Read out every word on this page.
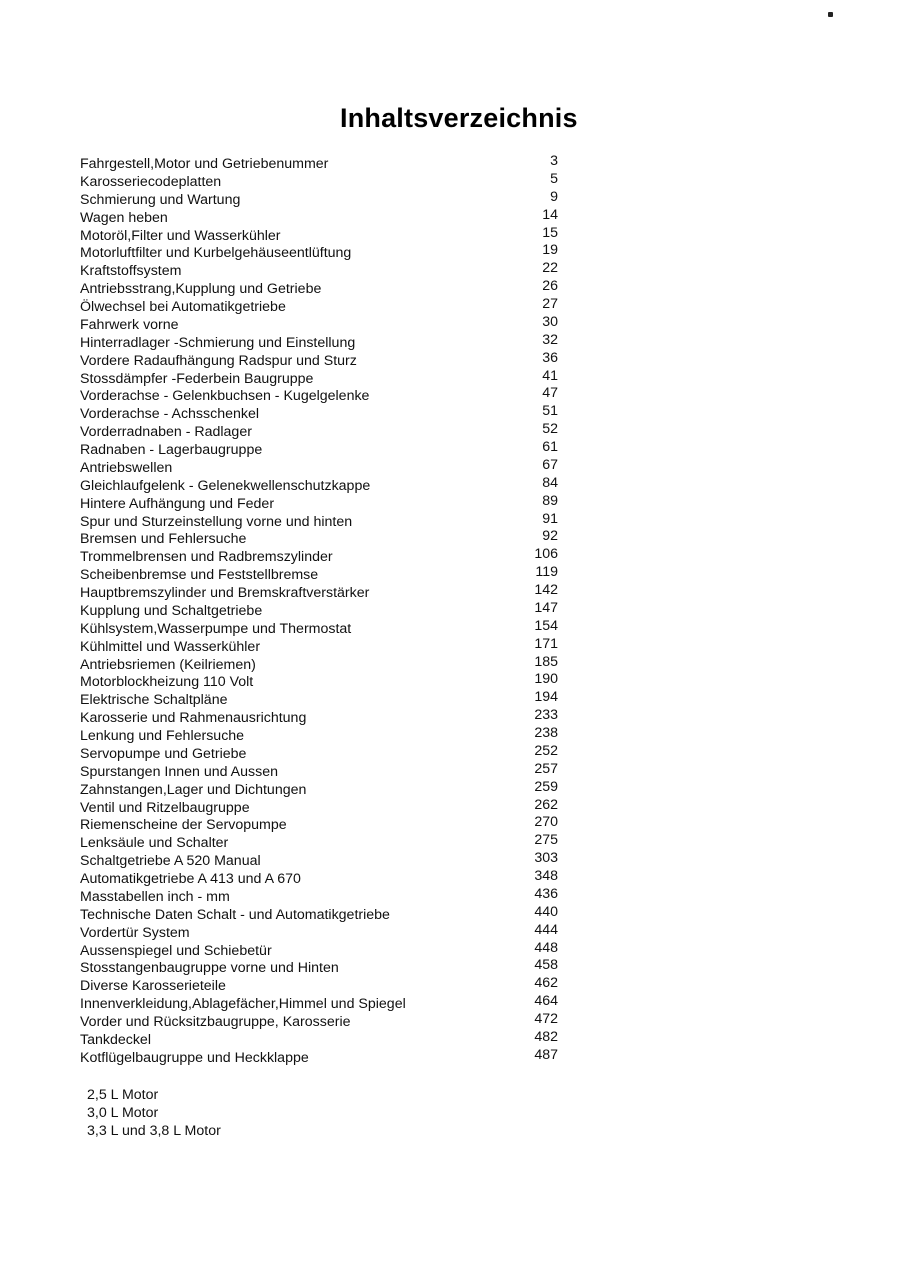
Inhaltsverzeichnis
Fahrgestell,Motor und Getriebenummer	3
Karosseriecodeplatten	5
Schmierung und Wartung	9
Wagen heben	14
Motoröl,Filter und Wasserkühler	15
Motorluftfilter und Kurbelgehäuseentlüftung	19
Kraftstoffsystem	22
Antriebsstrang,Kupplung und Getriebe	26
Ölwechsel bei Automatikgetriebe	27
Fahrwerk vorne	30
Hinterradlager -Schmierung und Einstellung	32
Vordere Radaufhängung Radspur und Sturz	36
Stossdämpfer -Federbein Baugruppe	41
Vorderachse - Gelenkbuchsen - Kugelgelenke	47
Vorderachse - Achsschenkel	51
Vorderradnaben - Radlager	52
Radnaben - Lagerbaugruppe	61
Antriebswellen	67
Gleichlaufgelenk - Gelenekwellenschutzkappe	84
Hintere Aufhängung und Feder	89
Spur und Sturzeinstellung vorne und hinten	91
Bremsen und Fehlersuche	92
Trommelbrensen und Radbremszylinder	106
Scheibenbremse und Feststellbremse	119
Hauptbremszylinder und Bremskraftverstärker	142
Kupplung und Schaltgetriebe	147
Kühlsystem,Wasserpumpe und Thermostat	154
Kühlmittel und Wasserkühler	171
Antriebsriemen (Keilriemen)	185
Motorblockheizung 110 Volt	190
Elektrische Schaltpläne	194
Karosserie und Rahmenausrichtung	233
Lenkung und Fehlersuche	238
Servopumpe und Getriebe	252
Spurstangen Innen und Aussen	257
Zahnstangen,Lager und Dichtungen	259
Ventil und Ritzelbaugruppe	262
Riemenscheine der Servopumpe	270
Lenksäule und Schalter	275
Schaltgetriebe A 520 Manual	303
Automatikgetriebe A 413 und A 670	348
Masstabellen inch - mm	436
Technische Daten Schalt - und Automatikgetriebe	440
Vordertür System	444
Aussenspiegel und Schiebetür	448
Stosstangenbaugruppe vorne und Hinten	458
Diverse Karosserieteile	462
Innenverkleidung,Ablagefächer,Himmel und Spiegel	464
Vorder und Rücksitzbaugruppe, Karosserie	472
Tankdeckel	482
Kotflügelbaugruppe und Heckklappe	487
2,5 L Motor
3,0 L Motor
3,3 L und 3,8 L Motor
